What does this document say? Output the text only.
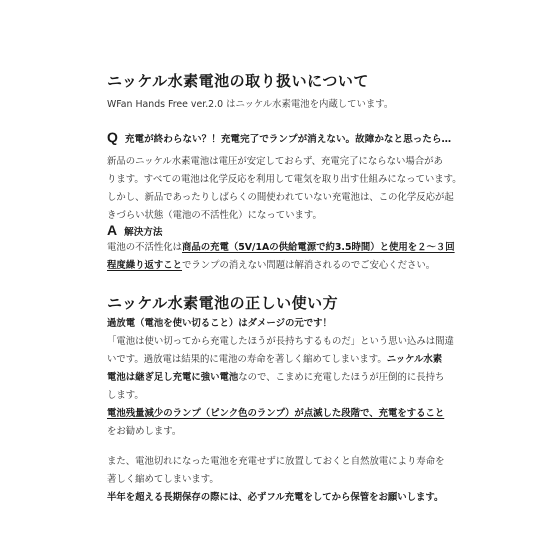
ニッケル水素電池の取り扱いについて
WFan Hands Free ver.2.0 はニッケル水素電池を内蔵しています。
Q 充電が終わらない？！充電完了でランプが消えない。故障かなと思ったら…
新品のニッケル水素電池は電圧が安定しておらず、充電完了にならない場合があ
ります。すべての電池は化学反応を利用して電気を取り出す仕組みになっています。
しかし、新品であったりしばらくの間使われていない充電池は、この化学反応が起
きづらい状態（電池の不活性化）になっています。
A 解決方法
電池の不活性化は商品の充電（5V/1Aの供給電源で約3.5時間）と使用を２～３回
程度繰り返すことでランプの消えない問題は解消されるのでご安心ください。
ニッケル水素電池の正しい使い方
過放電（電池を使い切ること）はダメージの元です！
「電池は使い切ってから充電したほうが長持ちするものだ」という思い込みは間違
いです。過放電は結果的に電池の寿命を著しく縮めてしまいます。ニッケル水素
電池は継ぎ足し充電に強い電池なので、こまめに充電したほうが圧倒的に長持ち
します。
電池残量減少のランプ（ピンク色のランプ）が点滅した段階で、充電をすること
をお勧めします。
また、電池切れになった電池を充電せずに放置しておくと自然放電により寿命を
著しく縮めてしまいます。
半年を超える長期保存の際には、必ずフル充電をしてから保管をお願いします。
